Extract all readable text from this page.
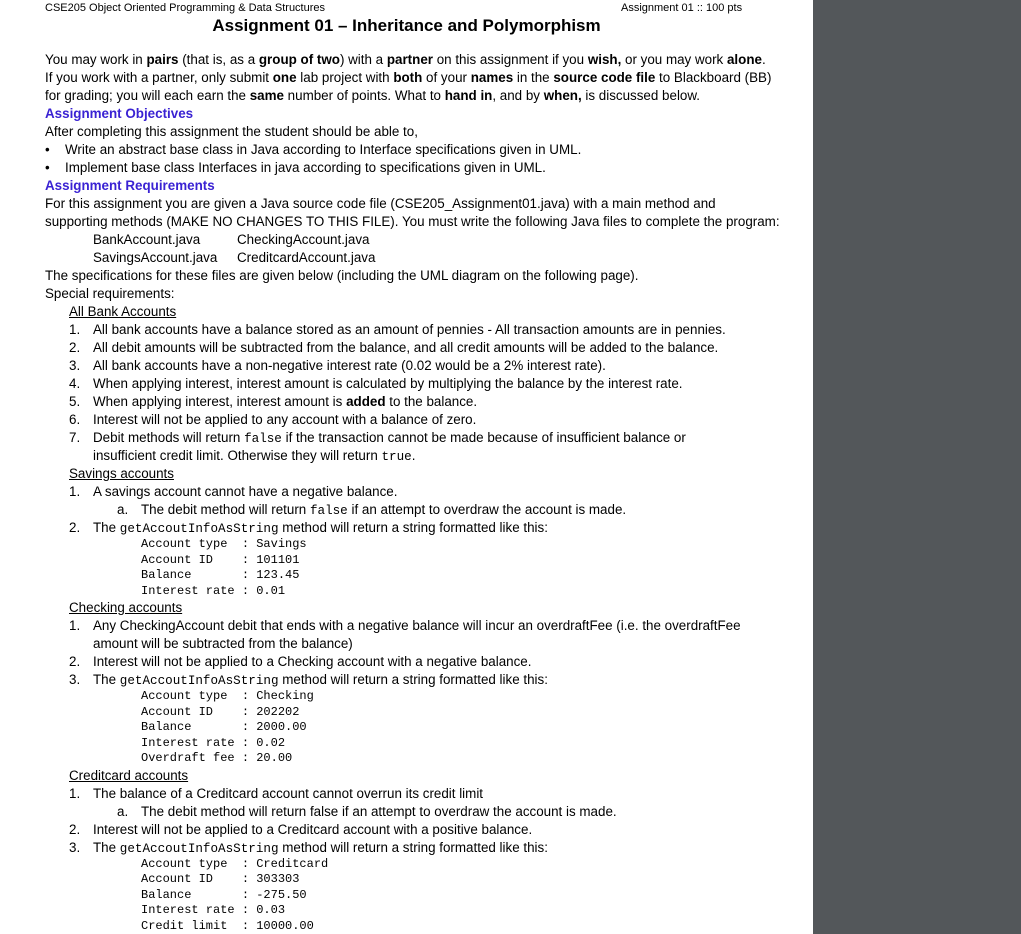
CSE205 Object Oriented Programming & Data Structures	Assignment 01 :: 100 pts
Assignment 01 – Inheritance and Polymorphism
You may work in pairs (that is, as a group of two) with a partner on this assignment if you wish, or you may work alone.
If you work with a partner, only submit one lab project with both of your names in the source code file to Blackboard (BB)
for grading; you will each earn the same number of points. What to hand in, and by when, is discussed below.
Assignment Objectives
After completing this assignment the student should be able to,
• Write an abstract base class in Java according to Interface specifications given in UML.
• Implement base class Interfaces in java according to specifications given in UML.
Assignment Requirements
For this assignment you are given a Java source code file (CSE205_Assignment01.java) with a main method and
supporting methods (MAKE NO CHANGES TO THIS FILE). You must write the following Java files to complete the program:
BankAccount.java	CheckingAccount.java
SavingsAccount.java CreditcardAccount.java
The specifications for these files are given below (including the UML diagram on the following page).
Special requirements:
All Bank Accounts
1. All bank accounts have a balance stored as an amount of pennies - All transaction amounts are in pennies.
2. All debit amounts will be subtracted from the balance, and all credit amounts will be added to the balance.
3. All bank accounts have a non-negative interest rate (0.02 would be a 2% interest rate).
4. When applying interest, interest amount is calculated by multiplying the balance by the interest rate.
5. When applying interest, interest amount is added to the balance.
6. Interest will not be applied to any account with a balance of zero.
7. Debit methods will return false if the transaction cannot be made because of insufficient balance or
insufficient credit limit. Otherwise they will return true.
Savings accounts
1. A savings account cannot have a negative balance.
a. The debit method will return false if an attempt to overdraw the account is made.
2. The getAccoutInfoAsString method will return a string formatted like this:
Account type  : Savings
Account ID    : 101101
Balance       : 123.45
Interest rate : 0.01
Checking accounts
1. Any CheckingAccount debit that ends with a negative balance will incur an overdraftFee (i.e. the overdraftFee
amount will be subtracted from the balance)
2. Interest will not be applied to a Checking account with a negative balance.
3. The getAccoutInfoAsString method will return a string formatted like this:
Account type  : Checking
Account ID    : 202202
Balance       : 2000.00
Interest rate : 0.02
Overdraft fee : 20.00
Creditcard accounts
1. The balance of a Creditcard account cannot overrun its credit limit
a. The debit method will return false if an attempt to overdraw the account is made.
2. Interest will not be applied to a Creditcard account with a positive balance.
3. The getAccoutInfoAsString method will return a string formatted like this:
Account type  : Creditcard
Account ID    : 303303
Balance       : -275.50
Interest rate : 0.03
Credit limit  : 10000.00
